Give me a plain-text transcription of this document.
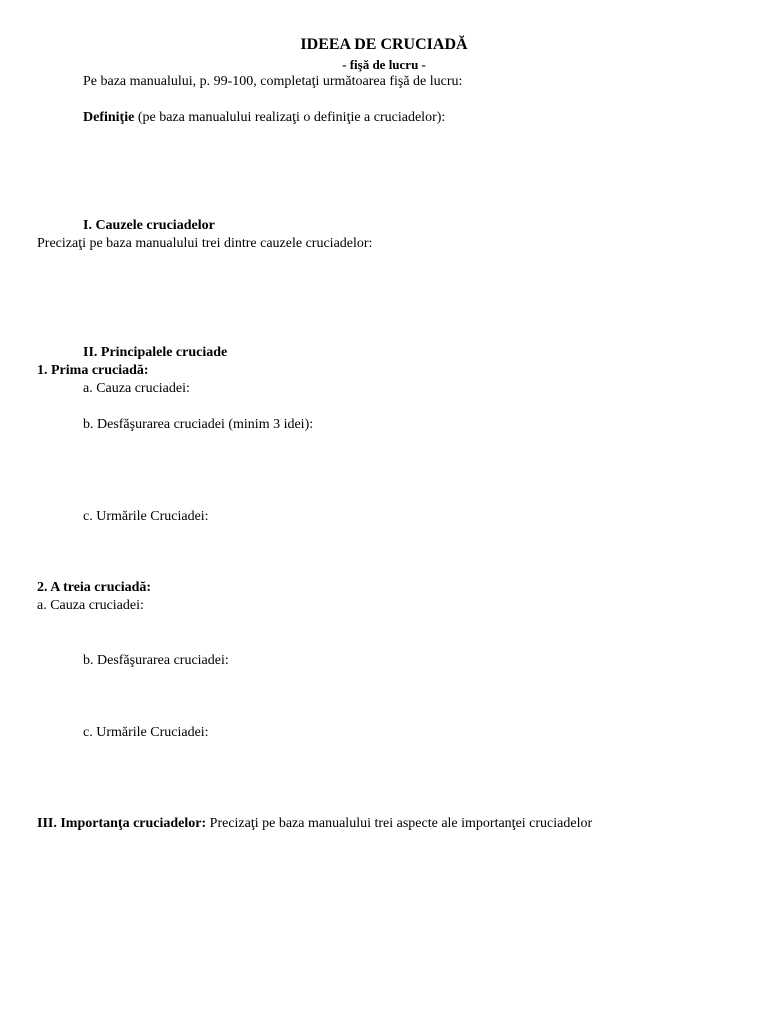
IDEEA DE CRUCIADĂ
- fişă de lucru -
Pe baza manualului, p. 99-100, completaţi următoarea fişă de lucru:
Definiţie (pe baza manualului realizaţi o definiţie a cruciadelor):
I. Cauzele cruciadelor
Precizaţi pe baza manualului trei dintre cauzele cruciadelor:
II. Principalele cruciade
1. Prima cruciadă:
a. Cauza cruciadei:
b. Desfăşurarea cruciadei (minim 3 idei):
c. Urmările Cruciadei:
2. A treia cruciadă:
a. Cauza cruciadei:
b. Desfăşurarea cruciadei:
c. Urmările Cruciadei:
III. Importanţa cruciadelor: Precizaţi pe baza manualului trei aspecte ale importanţei cruciadelor
